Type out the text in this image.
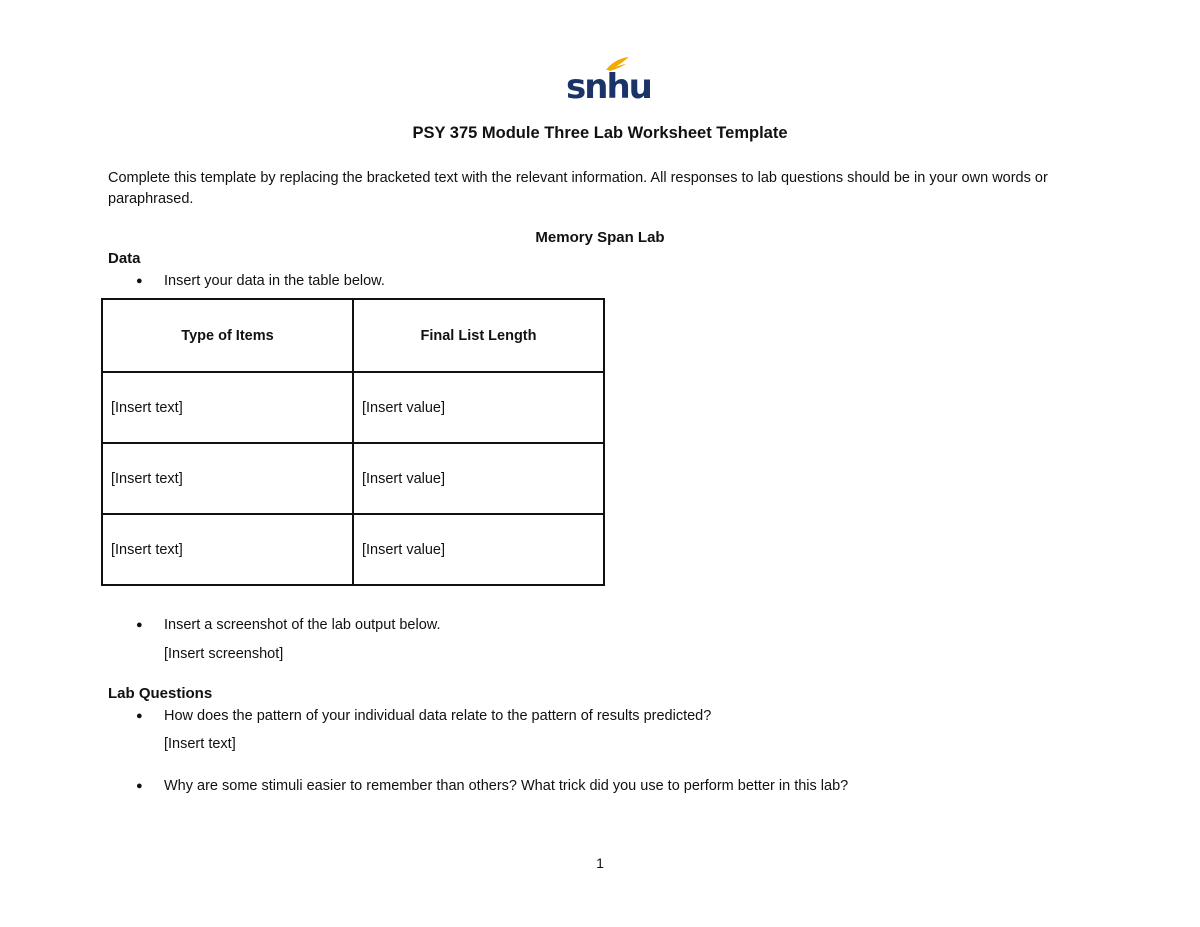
snhu
PSY 375 Module Three Lab Worksheet Template

Complete this template by replacing the bracketed text with the relevant information. All responses to lab questions should be in your own words or paraphrased.

Memory Span Lab
Data
● Insert your data in the table below.
Type of Items	Final List Length
[Insert text]	[Insert value]
[Insert text]	[Insert value]
[Insert text]	[Insert value]
● Insert a screenshot of the lab output below.
[Insert screenshot]
Lab Questions
● How does the pattern of your individual data relate to the pattern of results predicted?
[Insert text]
● Why are some stimuli easier to remember than others? What trick did you use to perform better in this lab?
1
